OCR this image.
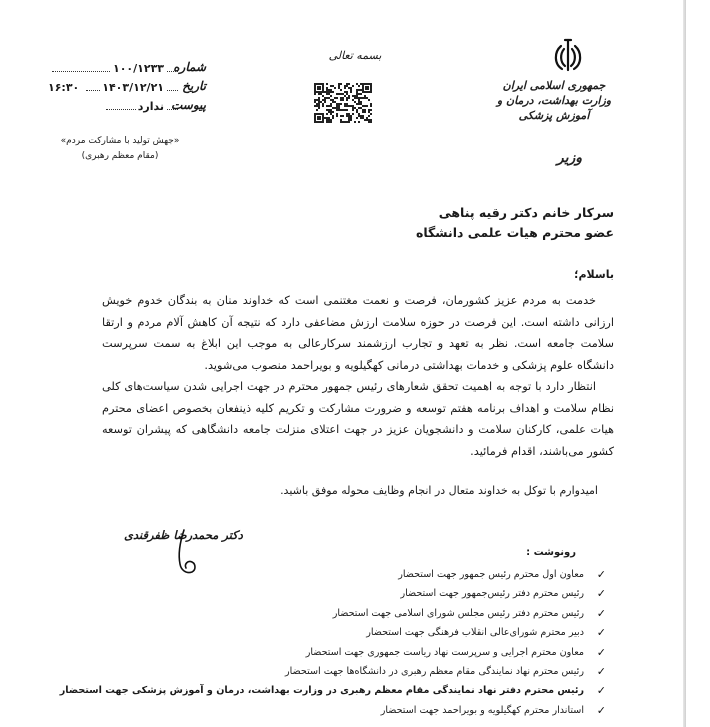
جمهوری اسلامی ایران
وزارت بهداشت، درمان و آموزش پزشکی
وزیر
بسمه تعالی
شماره
۱۰۰/۱۲۳۳
تاریخ
۱۴۰۳/۱۲/۲۱
۱۶:۳۰
پیوست
ندارد
«جهش تولید با مشارکت مردم»
(مقام معظم رهبری)
سرکار خانم دکتر رقیه پناهی
عضو محترم هیات علمی دانشگاه
باسلام؛

خدمت به مردم عزیز کشورمان، فرصت و نعمت مغتنمی است که خداوند منان به بندگان خدوم خویش ارزانی داشته است. این فرصت در حوزه سلامت ارزش مضاعفی دارد که نتیجه آن کاهش آلام مردم و ارتقا سلامت جامعه است. نظر به تعهد و تجارب ارزشمند سرکارعالی به موجب این ابلاغ به سمت سرپرست دانشگاه علوم پزشکی و خدمات بهداشتی درمانی کهگیلویه و بویراحمد منصوب می‌شوید.

انتظار دارد با توجه به اهمیت تحقق شعارهای رئیس جمهور محترم در جهت اجرایی شدن سیاست‌های کلی نظام سلامت و اهداف برنامه هفتم توسعه و ضرورت مشارکت و تکریم کلیه ذینفعان بخصوص اعضای محترم هیات علمی، کارکنان سلامت و دانشجویان عزیز در جهت اعتلای منزلت جامعه دانشگاهی که پیشران توسعه کشور می‌باشند، اقدام فرمائید.

امیدوارم با توکل به خداوند متعال در انجام وظایف محوله موفق باشید.
دکتر محمدرضا ظفرقندی
رونوشت :
✓
معاون اول محترم رئیس جمهور جهت استحضار
✓
رئیس محترم دفتر رئیس‌جمهور جهت استحضار
✓
رئیس محترم دفتر رئیس مجلس شورای اسلامی جهت استحضار
✓
دبیر محترم شورای‌عالی انقلاب فرهنگی جهت استحضار
✓
معاون محترم اجرایی و سرپرست نهاد ریاست جمهوری جهت استحضار
✓
رئیس محترم نهاد نمایندگی مقام معظم رهبری در دانشگاه‌ها جهت استحضار
✓
رئیس محترم دفتر نهاد نمایندگی مقام معظم رهبری در وزارت بهداشت، درمان و آموزش پزشکی جهت استحضار
✓
استاندار محترم کهگیلویه و بویراحمد جهت استحضار
